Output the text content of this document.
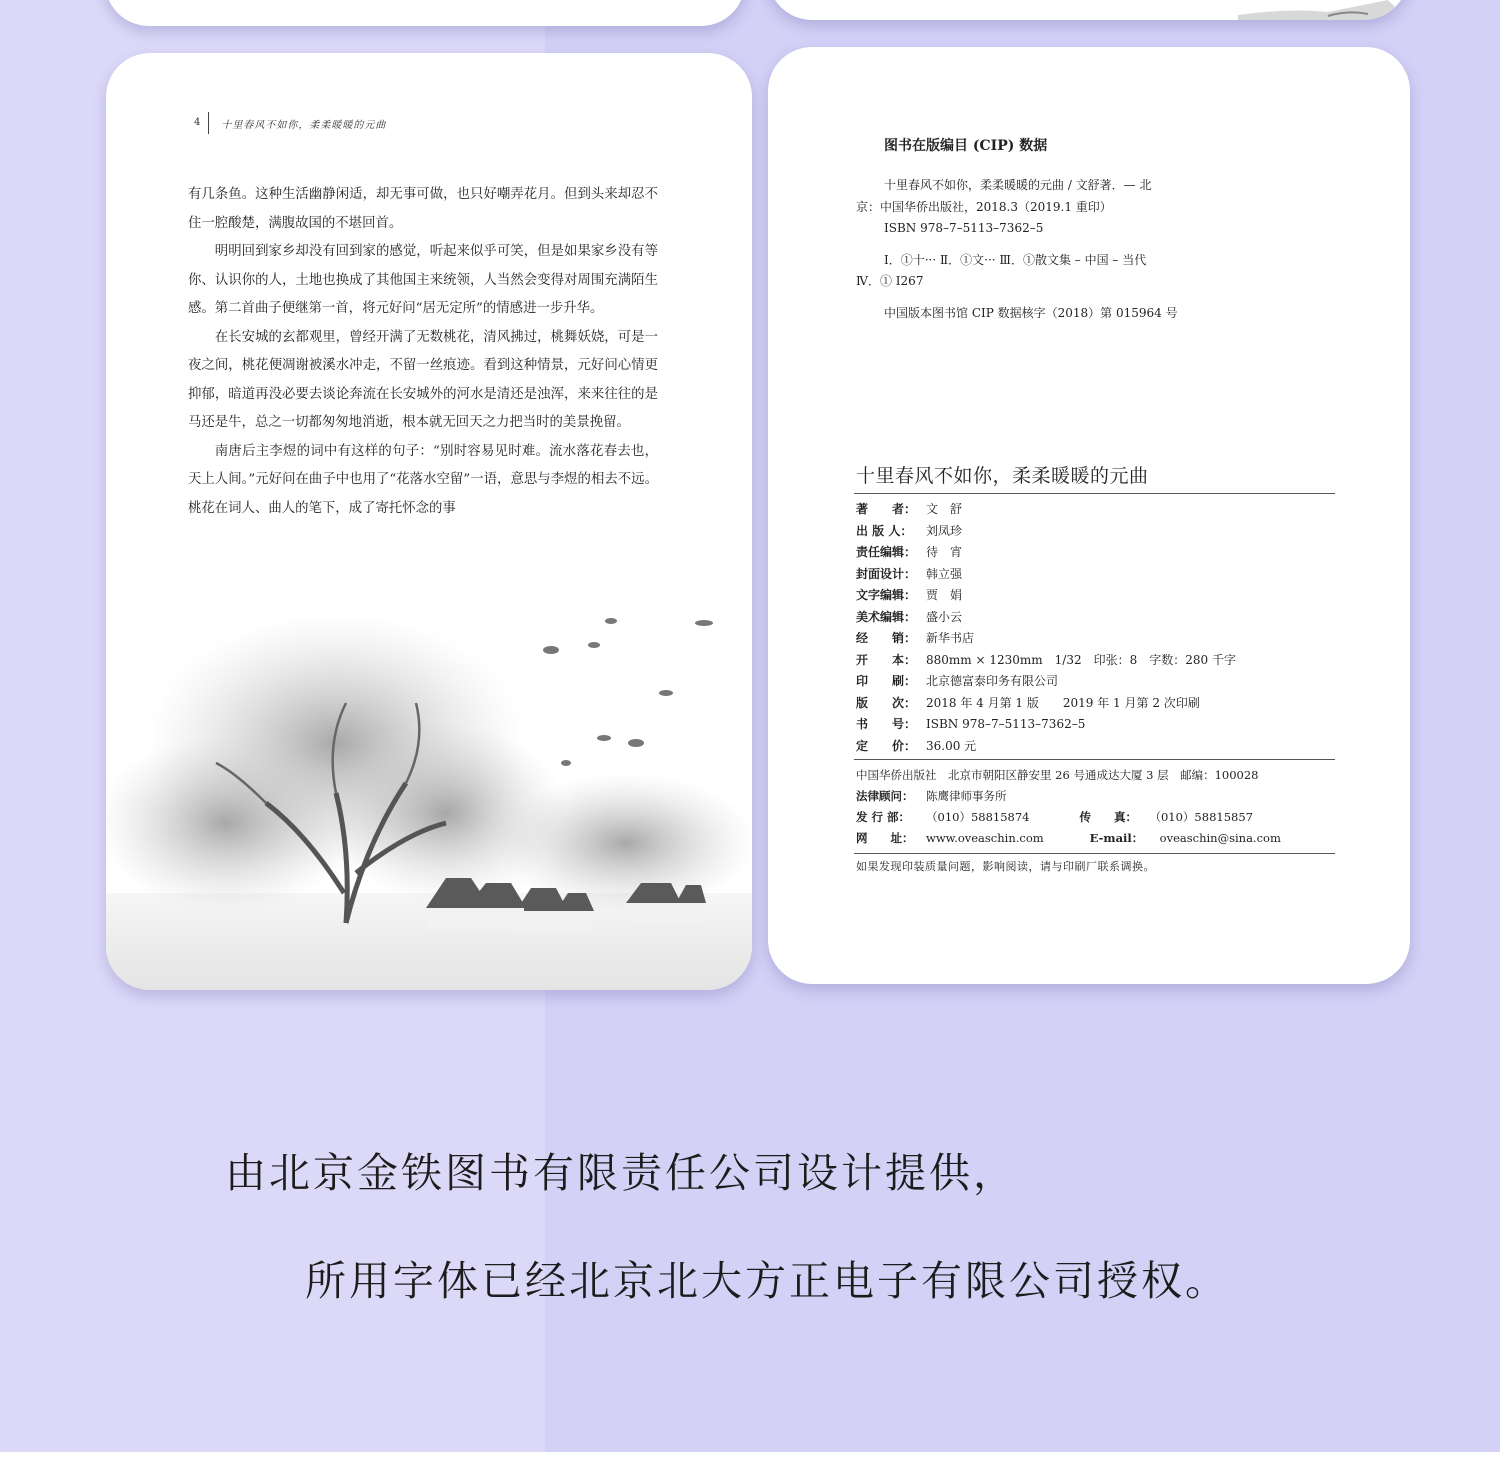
4	十里春风不如你，柔柔暖暖的元曲

有几条鱼。这种生活幽静闲适，却无事可做，也只好嘲弄花月。但到头来却忍不住一腔酸楚，满腹故国的不堪回首。

明明回到家乡却没有回到家的感觉，听起来似乎可笑，但是如果家乡没有等你、认识你的人，土地也换成了其他国主来统领，人当然会变得对周围充满陌生感。第二首曲子便继第一首，将元好问“居无定所”的情感进一步升华。

在长安城的玄都观里，曾经开满了无数桃花，清风拂过，桃舞妖娆，可是一夜之间，桃花便凋谢被溪水冲走，不留一丝痕迹。看到这种情景，元好问心情更抑郁，暗道再没必要去谈论奔流在长安城外的河水是清还是浊浑，来来往往的是马还是牛，总之一切都匆匆地消逝，根本就无回天之力把当时的美景挽留。

南唐后主李煜的词中有这样的句子：“别时容易见时难。流水落花春去也，天上人间。”元好问在曲子中也用了“花落水空留”一语，意思与李煜的相去不远。桃花在词人、曲人的笔下，成了寄托怀念的事

图书在版编目 (CIP) 数据
十里春风不如你，柔柔暖暖的元曲 / 文舒著．— 北
京：中国华侨出版社，2018.3（2019.1 重印）
ISBN 978–7–5113–7362–5
Ⅰ．①十··· Ⅱ．①文··· Ⅲ．①散文集 – 中国 – 当代
Ⅳ．① I267
中国版本图书馆 CIP 数据核字（2018）第 015964 号
十里春风不如你，柔柔暖暖的元曲
著　　者： 文　舒
出 版 人： 刘凤珍
责任编辑： 待　宵
封面设计： 韩立强
文字编辑： 贾　娟
美术编辑： 盛小云
经　　销： 新华书店
开　　本： 880mm × 1230mm　1/32　印张：8　字数：280 千字
印　　刷： 北京德富泰印务有限公司
版　　次： 2018 年 4 月第 1 版　　2019 年 1 月第 2 次印刷
书　　号： ISBN 978–7–5113–7362–5
定　　价： 36.00 元
中国华侨出版社　北京市朝阳区静安里 26 号通成达大厦 3 层　邮编：100028
法律顾问： 陈鹰律师事务所
发 行 部： （010）58815874	传　　真： （010）58815857
网　　址： www.oveaschin.com	E-mail： oveaschin@sina.com
如果发现印装质量问题，影响阅读，请与印刷厂联系调换。
由北京金铁图书有限责任公司设计提供，
所用字体已经北京北大方正电子有限公司授权。
